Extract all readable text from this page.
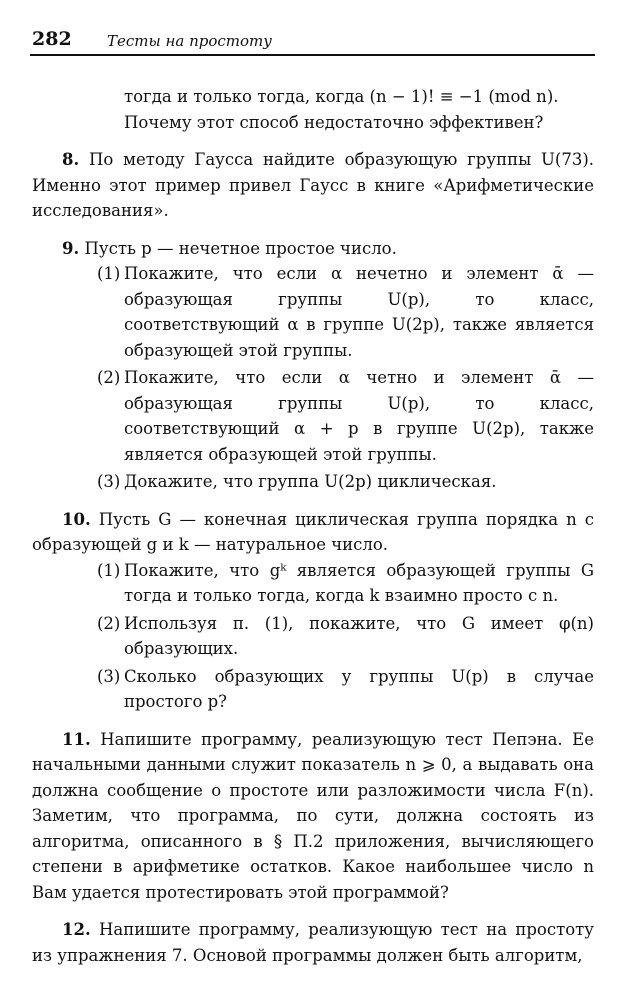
282 Тесты на простоту
тогда и только тогда, когда (n − 1)! ≡ −1 (mod n).
Почему этот способ недостаточно эффективен?

8. По методу Гаусса найдите образующую группы U(73). Именно этот пример привел Гаусс в книге «Арифметические исследования».

9. Пусть p — нечетное простое число.

(1) Покажите, что если α нечетно и элемент ᾱ — образующая группы U(p), то класс, соответствующий α в группе U(2p), также является образующей этой группы.
(2) Покажите, что если α четно и элемент ᾱ — образующая группы U(p), то класс, соответствующий α + p в группе U(2p), также является образующей этой группы.
(3) Докажите, что группа U(2p) циклическая.

10. Пусть G — конечная циклическая группа порядка n с образующей g и k — натуральное число.

(1) Покажите, что gᵏ является образующей группы G тогда и только тогда, когда k взаимно просто с n.
(2) Используя п. (1), покажите, что G имеет φ(n) образующих.
(3) Сколько образующих у группы U(p) в случае простого p?

11. Напишите программу, реализующую тест Пепэна. Ее начальными данными служит показатель n ⩾ 0, а выдавать она должна сообщение о простоте или разложимости числа F(n). Заметим, что программа, по сути, должна состоять из алгоритма, описанного в § П.2 приложения, вычисляющего степени в арифметике остатков. Какое наибольшее число n Вам удается протестировать этой программой?

12. Напишите программу, реализующую тест на простоту из упражнения 7. Основой программы должен быть алгоритм,
